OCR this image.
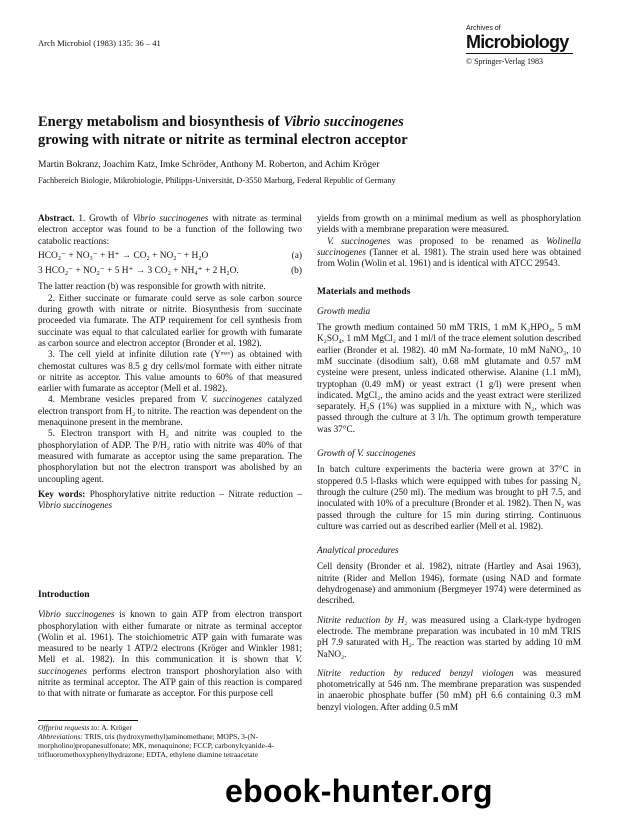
Arch Microbiol (1983) 135: 36 – 41
Archives of
Microbiology
© Springer-Verlag 1983
Energy metabolism and biosynthesis of Vibrio succinogenes
growing with nitrate or nitrite as terminal electron acceptor
Martin Bokranz, Joachim Katz, Imke Schröder, Anthony M. Roberton, and Achim Kröger
Fachbereich Biologie, Mikrobiologie, Philipps-Universität, D-3550 Marburg, Federal Republic of Germany

Abstract. 1. Growth of Vibrio succinogenes with nitrate as terminal electron acceptor was found to be a function of the following two catabolic reactions:

HCO₂⁻ + NO₃⁻ + H⁺ → CO₂ + NO₂⁻ + H₂O	(a)
3 HCO₂⁻ + NO₂⁻ + 5 H⁺ → 3 CO₂ + NH₄⁺ + 2 H₂O.	(b)

The latter reaction (b) was responsible for growth with nitrite.

2. Either succinate or fumarate could serve as sole carbon source during growth with nitrate or nitrite. Biosynthesis from succinate proceeded via fumarate. The ATP requirement for cell synthesis from succinate was equal to that calculated earlier for growth with fumarate as carbon source and electron acceptor (Bronder et al. 1982).

3. The cell yield at infinite dilution rate (Yᵐᵃˣ) as obtained with chemostat cultures was 8.5 g dry cells/mol formate with either nitrate or nitrite as acceptor. This value amounts to 60% of that measured earlier with fumarate as acceptor (Mell et al. 1982).

4. Membrane vesicles prepared from V. succinogenes catalyzed electron transport from H₂ to nitrite. The reaction was dependent on the menaquinone present in the membrane.

5. Electron transport with H₂ and nitrite was coupled to the phosphorylation of ADP. The P/H₂ ratio with nitrite was 40% of that measured with fumarate as acceptor using the same preparation. The phosphorylation but not the electron transport was abolished by an uncoupling agent.

Key words: Phosphorylative nitrite reduction – Nitrate reduction – Vibrio succinogenes

Introduction

Vibrio succinogenes is known to gain ATP from electron transport phosphorylation with either fumarate or nitrate as terminal acceptor (Wolin et al. 1961). The stoichiometric ATP gain with fumarate was measured to be nearly 1 ATP/2 electrons (Kröger and Winkler 1981; Mell et al. 1982). In this communication it is shown that V. succinogenes performs electron transport phoshorylation also with nitrite as terminal acceptor. The ATP gain of this reaction is compared to that with nitrate or fumarate as acceptor. For this purpose cell

Offprint requests to: A. Kröger
Abbreviations: TRIS, tris (hydroxymethyl)aminomethane; MOPS, 3-(N-morpholino)propanesulfonate; MK, menaquinone; FCCP, carbonylcyanide-4-trifluoromethoxyphenylhydrazone; EDTA, ethylene diamine tetraacetate

yields from growth on a minimal medium as well as phosphorylation yields with a membrane preparation were measured.

V. succinogenes was proposed to be renamed as Wolinella succinogenes (Tanner et al. 1981). The strain used here was obtained from Wolin (Wolin et al. 1961) and is identical with ATCC 29543.

Materials and methods
Growth media

The growth medium contained 50 mM TRIS, 1 mM K₂HPO₄, 5 mM K₂SO₄, 1 mM MgCl₂ and 1 ml/l of the trace element solution described earlier (Bronder et al. 1982). 40 mM Na-formate, 10 mM NaNO₃, 10 mM succinate (disodium salt), 0.68 mM glutamate and 0.57 mM cysteine were present, unless indicated otherwise. Alanine (1.1 mM), tryptophan (0.49 mM) or yeast extract (1 g/l) were present when indicated. MgCl₂, the amino acids and the yeast extract were sterilized separately. H₂S (1%) was supplied in a mixture with N₂, which was passed through the culture at 3 l/h. The optimum growth temperature was 37°C.

Growth of V. succinogenes

In batch culture experiments the bacteria were grown at 37°C in stoppered 0.5 l-flasks which were equipped with tubes for passing N₂ through the culture (250 ml). The medium was brought to pH 7.5, and inoculated with 10% of a preculture (Bronder et al. 1982). Then N₂ was passed through the culture for 15 min during stirring. Continuous culture was carried out as described earlier (Mell et al. 1982).

Analytical procedures

Cell density (Bronder et al. 1982), nitrate (Hartley and Asai 1963), nitrite (Rider and Mellon 1946), formate (using NAD and formate dehydrogenase) and ammonium (Bergmeyer 1974) were determined as described.

Nitrite reduction by H₂ was measured using a Clark-type hydrogen electrode. The membrane preparation was incubated in 10 mM TRIS pH 7.9 saturated with H₂. The reaction was started by adding 10 mM NaNO₂.

Nitrite reduction by reduced benzyl viologen was measured photometrically at 546 nm. The membrane preparation was suspended in anaerobic phosphate buffer (50 mM) pH 6.6 containing 0.3 mM benzyl viologen. After adding 0.5 mM

ebook-hunter.org
